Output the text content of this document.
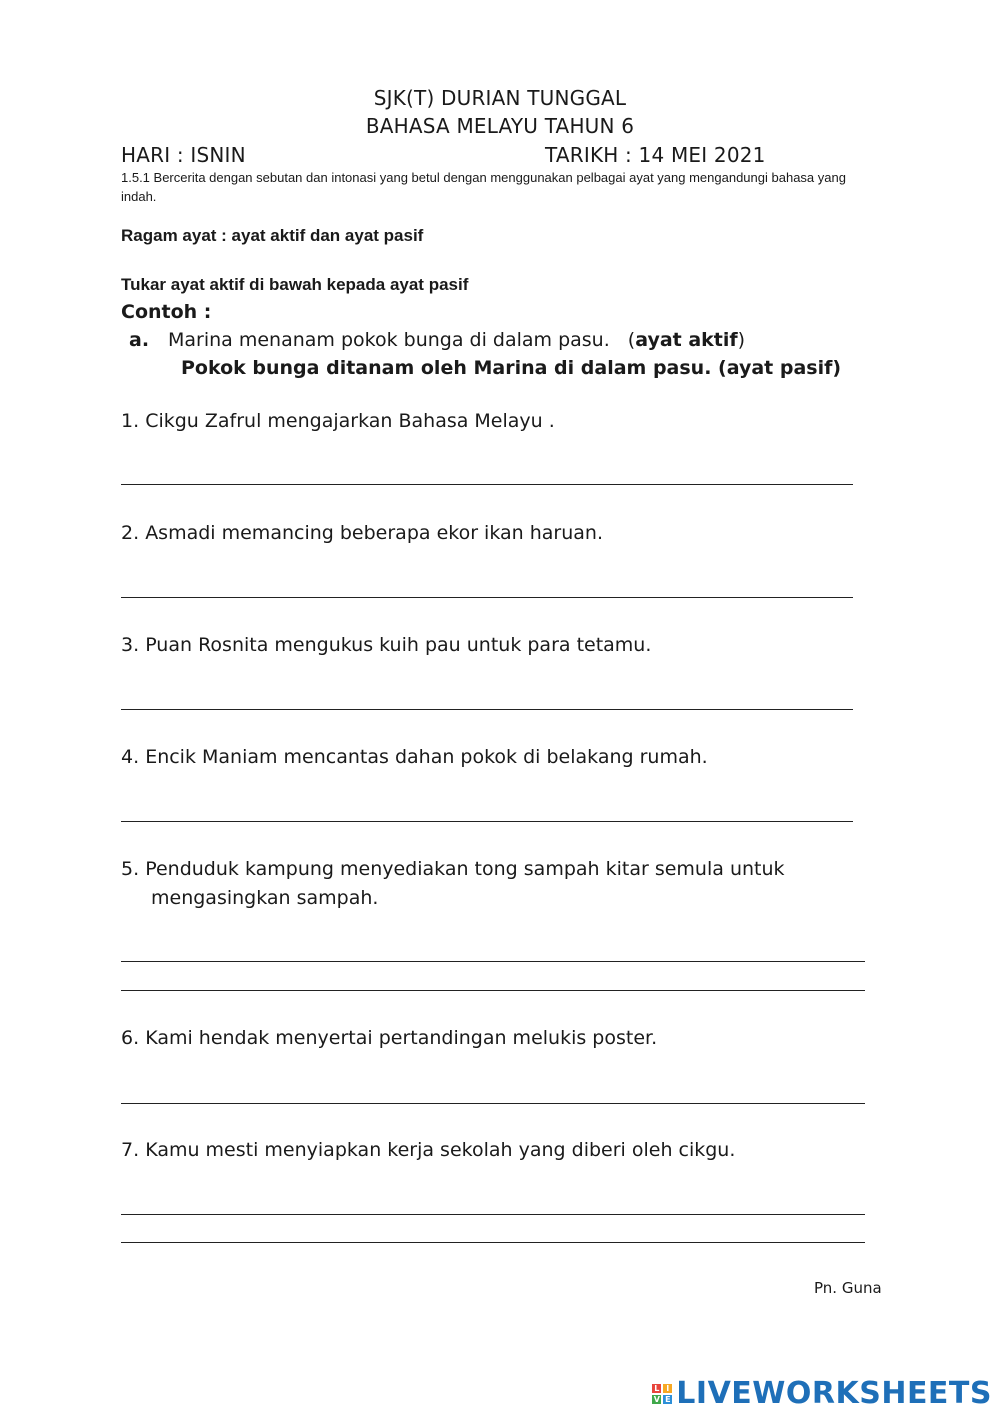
SJK(T) DURIAN TUNGGAL
BAHASA MELAYU TAHUN 6
HARI : ISNIN	TARIKH : 14 MEI 2021
1.5.1 Bercerita dengan sebutan dan intonasi yang betul dengan menggunakan pelbagai ayat yang mengandungi bahasa yang indah.
Ragam ayat : ayat aktif dan ayat pasif
Tukar ayat aktif di bawah kepada ayat pasif
Contoh :
a. Marina menanam pokok bunga di dalam pasu. (ayat aktif)
Pokok bunga ditanam oleh Marina di dalam pasu. (ayat pasif)
1. Cikgu Zafrul mengajarkan Bahasa Melayu .
2. Asmadi memancing beberapa ekor ikan haruan.
3. Puan Rosnita mengukus kuih pau untuk para tetamu.
4. Encik Maniam mencantas dahan pokok di belakang rumah.
5. Penduduk kampung menyediakan tong sampah kitar semula untuk
mengasingkan sampah.
6. Kami hendak menyertai pertandingan melukis poster.
7. Kamu mesti menyiapkan kerja sekolah yang diberi oleh cikgu.
Pn. Guna
L I
V E LIVEWORKSHEETS
